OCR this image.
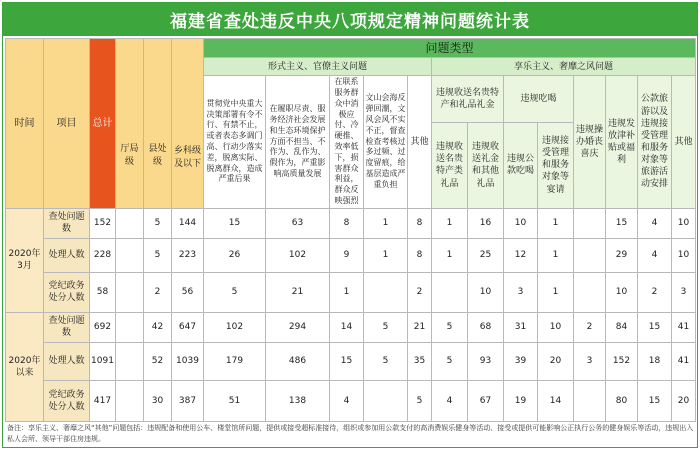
福建省查处违反中央八项规定精神问题统计表
时间	项目	总计	厅局级	县处级	乡科级及以下	问题类型												
						形式主义、官僚主义问题					享乐主义、奢靡之风问题							
						贯彻党中央重大决策部署有令不行、有禁不止，或者表态多调门高、行动少落实差，脱离实际、脱离群众，造成严重后果	在履职尽责、服务经济社会发展和生态环境保护方面不担当、不作为、乱作为、假作为，严重影响高质量发展	在联系服务群众中消极应付、冷硬推、效率低下，损害群众利益，群众反映强烈	文山会海反弹回潮，文风会风不实不正，督查检查考核过多过频、过度留痕，给基层造成严重负担	其他	违规收送名贵特产和礼品礼金		违规吃喝		违规操办婚丧喜庆	违规发放津补贴或福利	公款旅游以及违规接受管理和服务对象等旅游活动安排	其他
											违规收送名贵特产类礼品	违规收送礼金和其他礼品	违规公款吃喝	违规接受管理和服务对象等宴请				
2020年3月	查处问题数	152		5	144	15	63	8	1	8	1	16	10	1		15	4	10
	处理人数	228		5	223	26	102	9	1	8	1	25	12	1		29	4	10
	党纪政务处分人数	58		2	56	5	21	1		2		10	3	1		10	2	3
2020年以来	查处问题数	692		42	647	102	294	14	5	21	5	68	31	10	2	84	15	41
	处理人数	1091		52	1039	179	486	15	5	35	5	93	39	20	3	152	18	41
	党纪政务处分人数	417		30	387	51	138	4		5	4	67	19	14		80	15	20
备注：享乐主义、奢靡之风“其他”问题包括：违规配备和使用公车、楼堂馆所问题，提供或接受超标准接待，组织或参加用公款支付的高消费娱乐健身等活动、接受或提供可能影响公正执行公务的健身娱乐等活动，违规出入私人会所、领导干部住房违规。
